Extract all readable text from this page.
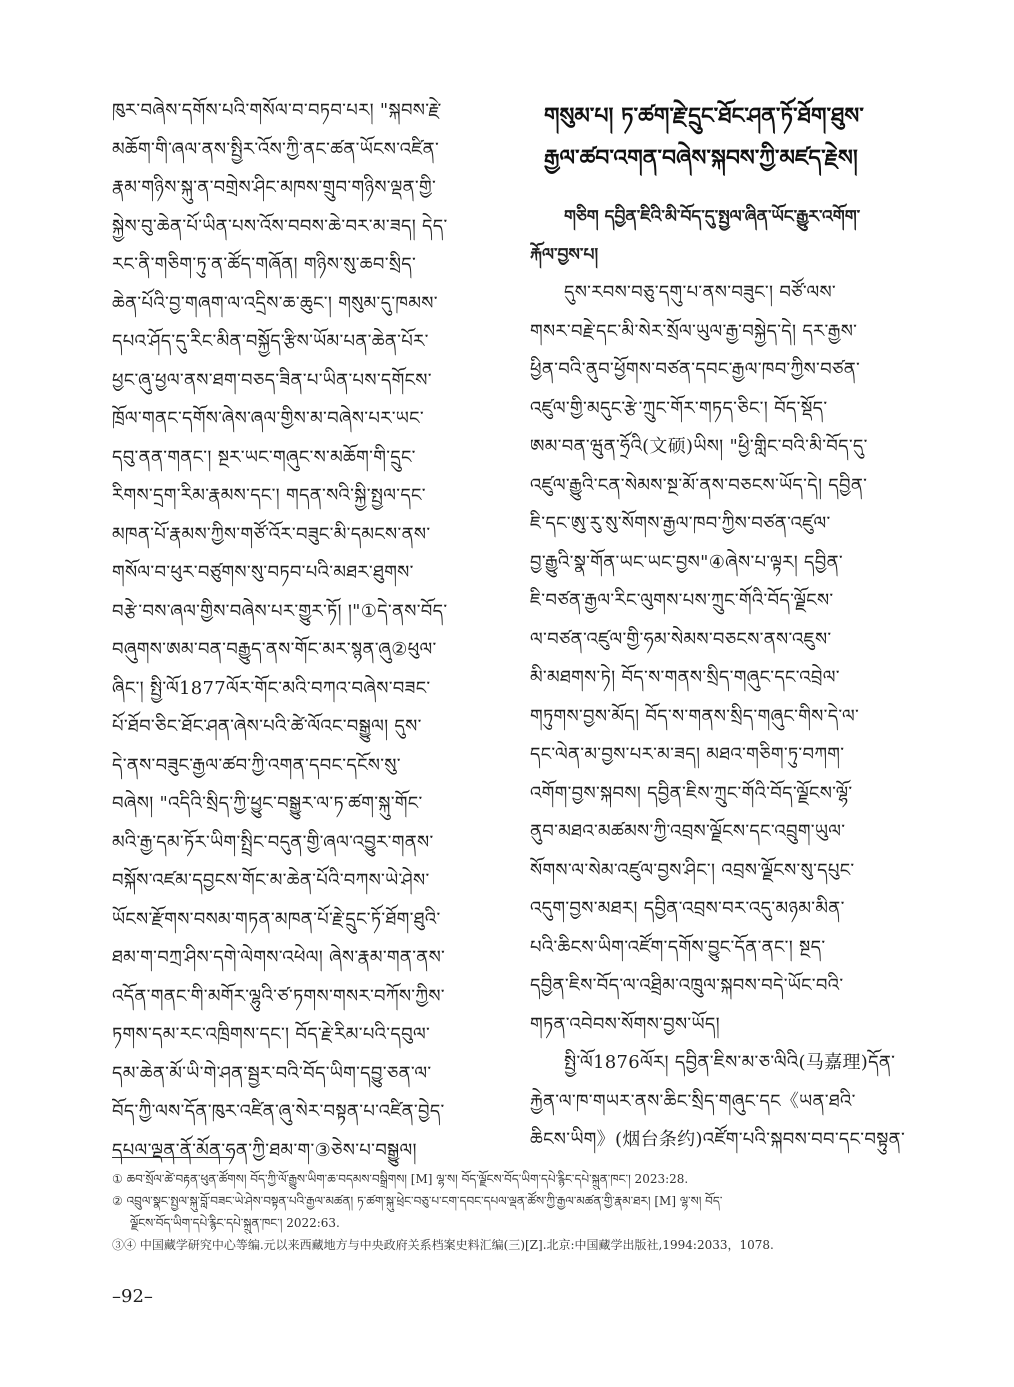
ཁུར་བཞེས་དགོས་པའི་གསོལ་བ་བཏབ་པར། "སྐབས་རྗེ་
མཆོག་གི་ཞལ་ནས་སྤྱིར་འོས་ཀྱི་ནང་ཚན་ཡོངས་འཛིན་
རྣམ་གཉིས་སྐུ་ན་བགྲེས་ཤིང་མཁས་གྲུབ་གཉིས་ལྡན་གྱི་
སྐྱེས་བུ་ཆེན་པོ་ཡིན་པས་འོས་བབས་ཆེ་བར་མ་ཟད། དེད་
རང་ནི་གཅིག་ཏུ་ན་ཚོད་གཞོན། གཉིས་སུ་ཆབ་སྲིད་
ཆེན་པོའི་བྱ་གཞག་ལ་འདྲིས་ཆ་ཆུང་། གསུམ་དུ་ཁམས་
དཔའ་ཤོད་དུ་རིང་མིན་བསྐྱོད་རྩིས་ཡོམ་པན་ཆེན་པོར་
ཕྱང་ཞུ་ཕྱལ་ནས་ཐག་བཅད་ཟིན་པ་ཡིན་པས་དགོངས་
ཁྲོལ་གནང་དགོས་ཞེས་ཞལ་གྱིས་མ་བཞེས་པར་ཡང་
དབུ་ནན་གནང་། སྔར་ཡང་གཞུང་ས་མཆོག་གི་དྲུང་
རིགས་དྲག་རིམ་རྣམས་དང་། གདན་སའི་སྐྱི་སྤྱལ་དང་
མཁན་པོ་རྣམས་ཀྱིས་གཙོ་འོར་བཟུང་མི་དམངས་ནས་
གསོལ་བ་ཕུར་བཙུགས་སུ་བཏབ་པའི་མཐར་ཐུགས་
བརྩེ་བས་ཞལ་གྱིས་བཞེས་པར་གྱུར་ཏོ། །"①དེ་ནས་བོད་
བཞུགས་ཨམ་བན་བརྒྱུད་ནས་གོང་མར་སྙན་ཞུ②ཕུལ་
ཞིང་། སྤྱི་ལོ1877ལོར་གོང་མའི་བཀའ་བཞེས་བཟང་
པོ་ཐོབ་ཅིང་ཐོང་ཤན་ཞེས་པའི་ཚེ་ལོའང་བསྒྱུལ། དུས་
དེ་ནས་བཟུང་རྒྱལ་ཚབ་ཀྱི་འགན་དབང་དངོས་སུ་
བཞེས། "འདིའི་སྲིད་ཀྱི་ཕྱུང་བསྒྱུར་ལ་ཏ་ཚག་སྐུ་གོང་
མའི་རྒྱ་དམ་ཏོར་ཡིག་སྤྲིང་བདུན་གྱི་ཞལ་འབྱུར་གནས་
བསྐོས་འཛམ་དབྱངས་གོང་མ་ཆེན་པོའི་བཀས་ཡེ་ཤེས་
ཡོངས་རྫོགས་བསམ་གཏན་མཁན་པོ་རྗེ་དྲུང་ཏོ་ཐོག་ཐུའི་
ཐམ་ག་བཀྲ་ཤིས་དགེ་ལེགས་འཕེལ། ཞེས་རྣམ་གན་ནས་
འདོན་གནང་གི་མགོར་ལྷུའི་ཙ་ཏགས་གསར་བཀོས་ཀྱིས་
ཏགས་དམ་རང་འཁྲིགས་དང་། བོད་རྗེ་རིམ་པའི་དབུལ་
དམ་ཆེན་མོ་ཡི་གེ་ཤན་སྦྱར་བའི་བོད་ཡིག་དབྱུ་ཅན་ལ་
བོད་ཀྱི་ལས་དོན་ཁུར་འཛིན་ཞུ་སེར་བསྟན་པ་འཛིན་བྱེད་
དཔལ་ལྡན་ནོ་མོན་ཧན་ཀྱི་ཐམ་ག་③ཅེས་པ་བསྒྱུལ།
གསུམ་པ། ཏ་ཚག་རྗེ་དྲུང་ཐོང་ཤན་ཏོ་ཐོག་ཐུས་
རྒྱལ་ཚབ་འགན་བཞེས་སྐབས་ཀྱི་མཛད་རྗེས།
གཅིག དབྱིན་ཇིའི་མི་བོད་དུ་སྤྱལ་ཞིན་ཡོང་རྒྱུར་འགོག་
རྐོལ་བྱས་པ།
དུས་རབས་བཅུ་དགུ་པ་ནས་བཟུང་། བཙོ་ལས་
གསར་བརྗེ་དང་མི་སེར་སྲོལ་ཡུལ་རྒྱ་བསྐྱེད་དེ། དར་རྒྱས་
ཕྱིན་བའི་ནུབ་ཕྱོགས་བཙན་དབང་རྒྱལ་ཁབ་ཀྱིས་བཙན་
འཛུལ་གྱི་མདུང་རྩེ་ཀྲུང་གོར་གཏད་ཅིང་། བོད་སྡོད་
ཨམ་བན་ཝུན་ཧྲོའི(文硕)ཡིས། "ཕྱི་གླིང་བའི་མི་བོད་དུ་
འཛུལ་རྒྱུའི་ངན་སེམས་སྔ་མོ་ནས་བཅངས་ཡོད་དེ། དབྱིན་
ཇི་དང་ཨུ་རུ་སུ་སོགས་རྒྱལ་ཁབ་ཀྱིས་བཙན་འཛུལ་
བྱ་རྒྱུའི་སྣ་གོན་ཡང་ཡང་བྱས"④ཞེས་པ་ལྟར། དབྱིན་
ཇི་བཙན་རྒྱལ་རིང་ལུགས་པས་ཀྲུང་གོའི་བོད་ལྗོངས་
ལ་བཙན་འཛུལ་གྱི་ཧམ་སེམས་བཅངས་ནས་འཇུས་
མི་མཐགས་ཏེ། བོད་ས་གནས་སྲིད་གཞུང་དང་འབྲེལ་
གཏུགས་བྱས་མོད། བོད་ས་གནས་སྲིད་གཞུང་གིས་དེ་ལ་
དང་ལེན་མ་བྱས་པར་མ་ཟད། མཐའ་གཅིག་ཏུ་བཀག་
འགོག་བྱས་སྐབས། དབྱིན་ཇིས་ཀྲུང་གོའི་བོད་ལྗོངས་ལྷོ་
ནུབ་མཐའ་མཚམས་ཀྱི་འབྲས་ལྗོངས་དང་འབྲུག་ཡུལ་
སོགས་ལ་སེམ་འཛུལ་བྱས་ཤིང་། འབྲས་ལྗོངས་སུ་དཔུང་
འདུག་བྱས་མཐར། དབྱིན་འབྲས་བར་འདུ་མཉམ་མིན་
པའི་ཆིངས་ཡིག་འཛོག་དགོས་བྱུང་དོན་ནང་། སྔད་
དབྱིན་ཇིས་བོད་ལ་འཐྲིམ་འཁྲུལ་སྐབས་བདེ་ཡོང་བའི་
གཏན་འབེབས་སོགས་བྱས་ཡོད།
སྤྱི་ལོ1876ལོར། དབྱིན་ཇིས་མ་ཅ་ལིའི(马嘉理)དོན་
རྐྱེན་ལ་ཁ་གཡར་ནས་ཆིང་སྲིད་གཞུང་དང《ཡན་ཐའི་
ཆིངས་ཡིག》(烟台条约)འཛོག་པའི་སྐབས་བབ་དང་བསྟུན་
① ཆབ་སྲོལ་ཚེ་བརྟན་ཕུན་ཚོགས། བོད་ཀྱི་ལོ་རྒྱུས་ཡིག་ཆ་བདམས་བསྒྲིགས། [M] ལྷ་ས། བོད་ལྗོངས་བོད་ཡིག་དཔེ་རྙིང་དཔེ་སྐྲུན་ཁང་། 2023:28.
② འབྲུལ་སྣང་སྤྱལ་སྐུ་བློ་བཟང་ཡེ་ཤེས་བསྟན་པའི་རྒྱལ་མཚན། ཏ་ཚག་སྐུ་ཕྲེང་བཅུ་པ་ངག་དབང་དཔལ་ལྡན་ཚོས་ཀྱི་རྒྱལ་མཚན་གྱི་རྣམ་ཐར། [M] ལྷ་ས། བོད་
ལྗོངས་བོད་ཡིག་དཔེ་རྙིང་དཔེ་སྐྲུན་ཁང་། 2022:63.
③④ 中国藏学研究中心等编.元以来西藏地方与中央政府关系档案史料汇编(三)[Z].北京:中国藏学出版社,1994:2033，1078.
–92–
